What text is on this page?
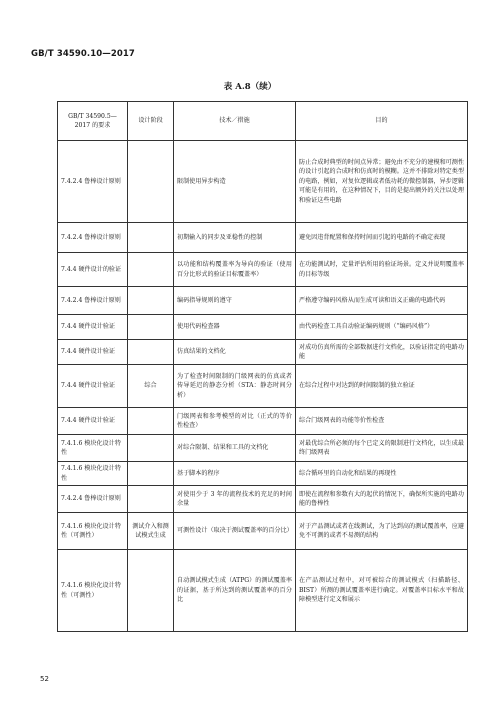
GB/T 34590.10—2017
表 A.8（续）
GB/T 34590.5—2017 的要求	设计阶段	技术／措施	目的
7.4.2.4 鲁棒设计原则		限制使用异步构造	防止合成时典型的时间点异常；避免由不充分的建模和可测性的设计引起的合成时和仿真时的模糊。这并不排除对特定类型的电路，例如，对复位逻辑或者低功耗的微控制器，异步逻辑可能是有用的，在这种情况下，目的是提出额外的关注以处理和验证这些电路
7.4.2.4 鲁棒设计原则		初期输入的同步及亚稳性的控制	避免因违背配置和保持时间而引起的电路的不确定表现
7.4.4 硬件设计的验证		以功能和结构覆盖率为导向的验证（使用百分比形式的验证目标覆盖率）	在功能测试时，定量评估所用的验证场景。定义并说明覆盖率的目标等级
7.4.2.4 鲁棒设计原则		编码指导规则的遵守	严格遵守编码风格从而生成可读和语义正确的电路代码
7.4.4 硬件设计验证		使用代码检查器	由代码检查工具自动验证编码规则（“编码风格”）
7.4.4 硬件设计验证		仿真结果的文档化	对成功仿真所需的全部数据进行文档化，以验证指定的电路功能
7.4.4 硬件设计验证	综合	为了检查时间限制的门级网表的仿真或者传导延迟的静态分析（STA：静态时间分析）	在综合过程中对达到的时间限制的独立验证
7.4.4 硬件设计验证		门级网表和参考模型的对比（正式的等价性检查）	综合门级网表的功能等价性检查
7.4.1.6 模块化设计特性		对综合限制、结果和工具的文档化	对最优综合所必须的每个已定义的限制进行文档化，以生成最终门级网表
7.4.1.6 模块化设计特性		基于脚本的程序	综合循环里的自动化和结果的再现性
7.4.2.4 鲁棒设计原则		对使用少于 3 年的流程技术的充足的时间余量	即使在流程和参数有大的起伏的情况下，确保所实施的电路功能的鲁棒性
7.4.1.6 模块化设计特性（可测性）	测试介入和测试模式生成	可测性设计（取决于测试覆盖率的百分比）	对于产品测试或者在线测试，为了达到高的测试覆盖率，应避免不可测的或者不易测的结构
7.4.1.6 模块化设计特性（可测性）		自动测试模式生成（ATPG）的测试覆盖率的证据，基于所达到的测试覆盖率的百分比	在产品测试过程中，对可被综合的测试模式（扫描路径、BIST）所测的测试覆盖率进行确定。对覆盖率目标水平和故障模型进行定义和展示
52
